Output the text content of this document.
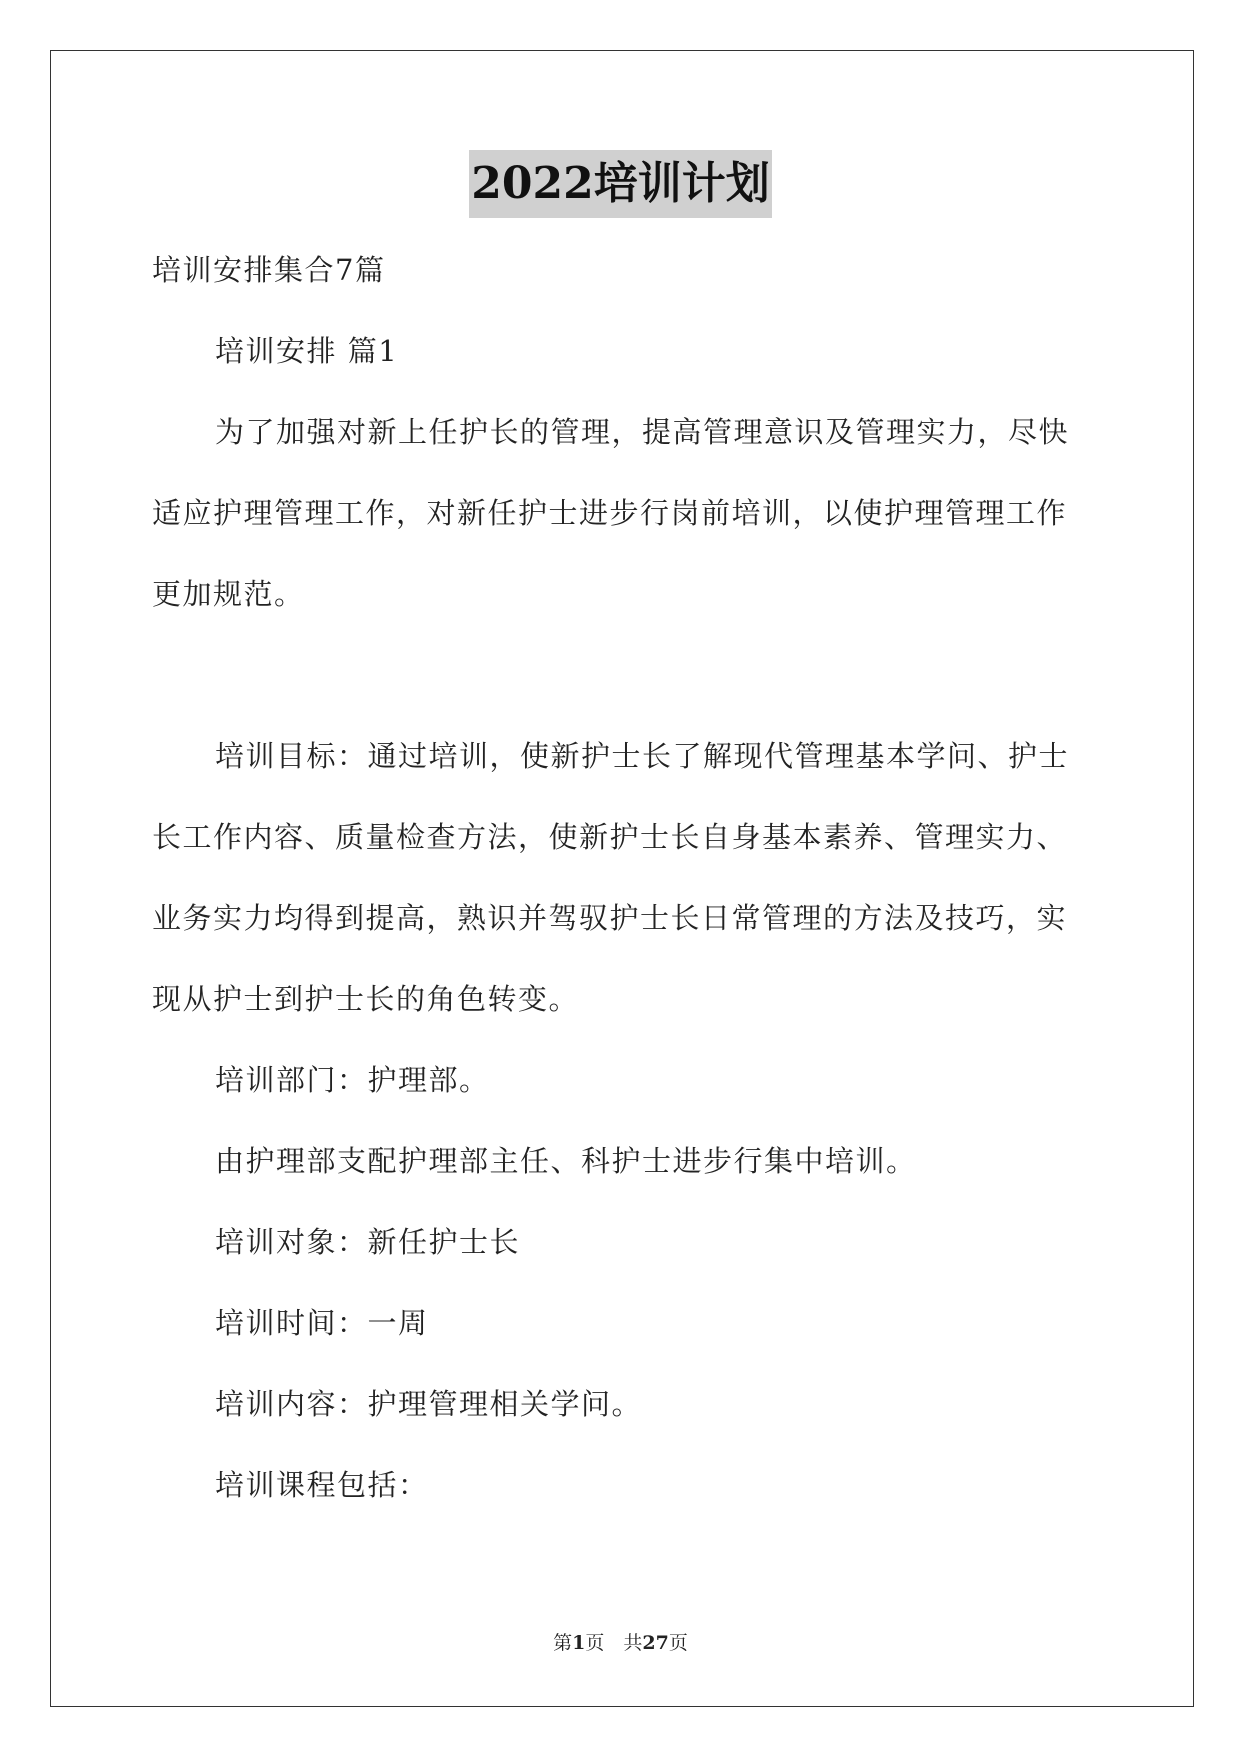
2022培训计划

培训安排集合7篇

培训安排 篇1

为了加强对新上任护长的管理，提高管理意识及管理实力，尽快适应护理管理工作，对新任护士进步行岗前培训，以使护理管理工作更加规范。

培训目标：通过培训，使新护士长了解现代管理基本学问、护士长工作内容、质量检查方法，使新护士长自身基本素养、管理实力、业务实力均得到提高，熟识并驾驭护士长日常管理的方法及技巧，实现从护士到护士长的角色转变。

培训部门：护理部。

由护理部支配护理部主任、科护士进步行集中培训。

培训对象：新任护士长

培训时间：一周

培训内容：护理管理相关学问。

培训课程包括：

第1页　共27页
